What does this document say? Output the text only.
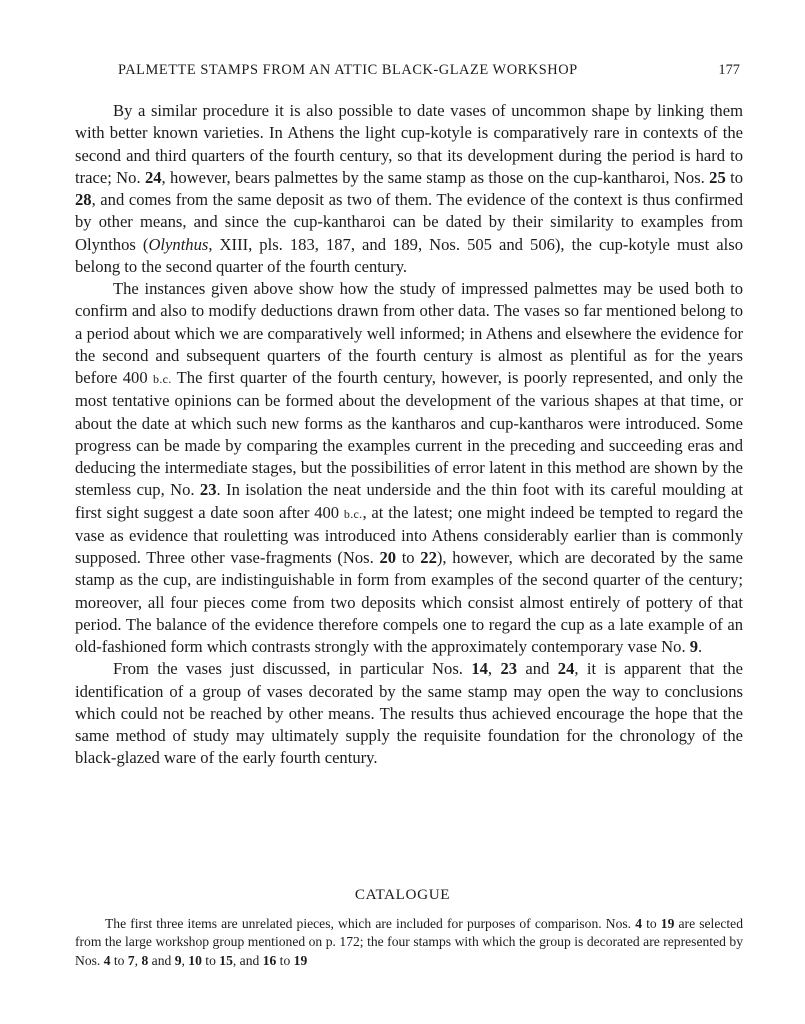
PALMETTE STAMPS FROM AN ATTIC BLACK-GLAZE WORKSHOP	177

By a similar procedure it is also possible to date vases of uncommon shape by linking them with better known varieties. In Athens the light cup-kotyle is comparatively rare in contexts of the second and third quarters of the fourth century, so that its development during the period is hard to trace; No. 24, however, bears palmettes by the same stamp as those on the cup-kantharoi, Nos. 25 to 28, and comes from the same deposit as two of them. The evidence of the context is thus confirmed by other means, and since the cup-kantharoi can be dated by their similarity to examples from Olynthos (Olynthus, XIII, pls. 183, 187, and 189, Nos. 505 and 506), the cup-kotyle must also belong to the second quarter of the fourth century.

The instances given above show how the study of impressed palmettes may be used both to confirm and also to modify deductions drawn from other data. The vases so far mentioned belong to a period about which we are comparatively well informed; in Athens and elsewhere the evidence for the second and subsequent quarters of the fourth century is almost as plentiful as for the years before 400 b.c. The first quarter of the fourth century, however, is poorly represented, and only the most tentative opinions can be formed about the development of the various shapes at that time, or about the date at which such new forms as the kantharos and cup-kantharos were introduced. Some progress can be made by comparing the examples current in the preceding and succeeding eras and deducing the intermediate stages, but the possibilities of error latent in this method are shown by the stemless cup, No. 23. In isolation the neat underside and the thin foot with its careful moulding at first sight suggest a date soon after 400 b.c., at the latest; one might indeed be tempted to regard the vase as evidence that rouletting was introduced into Athens considerably earlier than is commonly supposed. Three other vase-fragments (Nos. 20 to 22), however, which are decorated by the same stamp as the cup, are indistinguishable in form from examples of the second quarter of the century; moreover, all four pieces come from two deposits which consist almost entirely of pottery of that period. The balance of the evidence therefore compels one to regard the cup as a late example of an old-fashioned form which contrasts strongly with the approximately contemporary vase No. 9.

From the vases just discussed, in particular Nos. 14, 23 and 24, it is apparent that the identification of a group of vases decorated by the same stamp may open the way to conclusions which could not be reached by other means. The results thus achieved encourage the hope that the same method of study may ultimately supply the requisite foundation for the chronology of the black-glazed ware of the early fourth century.

CATALOGUE

The first three items are unrelated pieces, which are included for purposes of comparison. Nos. 4 to 19 are selected from the large workshop group mentioned on p. 172; the four stamps with which the group is decorated are represented by Nos. 4 to 7, 8 and 9, 10 to 15, and 16 to 19
